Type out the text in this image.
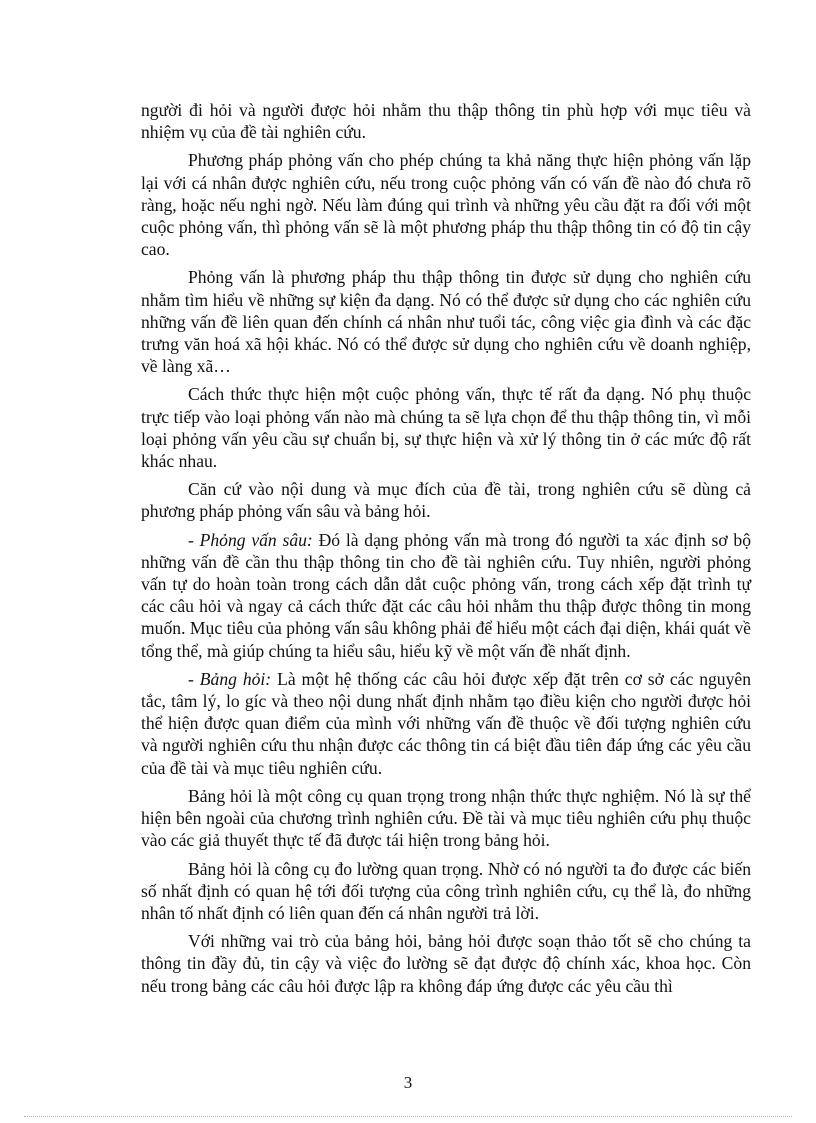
người đi hỏi và người được hỏi nhằm thu thập thông tin phù hợp với mục tiêu và nhiệm vụ của đề tài nghiên cứu.

Phương pháp phỏng vấn cho phép chúng ta khả năng thực hiện phỏng vấn lặp lại với cá nhân được nghiên cứu, nếu trong cuộc phỏng vấn có vấn đề nào đó chưa rõ ràng, hoặc nếu nghi ngờ. Nếu làm đúng qui trình và những yêu cầu đặt ra đối với một cuộc phỏng vấn, thì phỏng vấn sẽ là một phương pháp thu thập thông tin có độ tin cậy cao.

Phỏng vấn là phương pháp thu thập thông tin được sử dụng cho nghiên cứu nhằm tìm hiểu về những sự kiện đa dạng. Nó có thể được sử dụng cho các nghiên cứu những vấn đề liên quan đến chính cá nhân như tuổi tác, công việc gia đình và các đặc trưng văn hoá xã hội khác. Nó có thể được sử dụng cho nghiên cứu về doanh nghiệp, về làng xã…

Cách thức thực hiện một cuộc phỏng vấn, thực tế rất đa dạng. Nó phụ thuộc trực tiếp vào loại phỏng vấn nào mà chúng ta sẽ lựa chọn để thu thập thông tin, vì mỗi loại phỏng vấn yêu cầu sự chuẩn bị, sự thực hiện và xử lý thông tin ở các mức độ rất khác nhau.

Căn cứ vào nội dung và mục đích của đề tài, trong nghiên cứu sẽ dùng cả phương pháp phỏng vấn sâu và bảng hỏi.

- Phỏng vấn sâu: Đó là dạng phỏng vấn mà trong đó người ta xác định sơ bộ những vấn đề cần thu thập thông tin cho đề tài nghiên cứu. Tuy nhiên, người phỏng vấn tự do hoàn toàn trong cách dẫn dắt cuộc phỏng vấn, trong cách xếp đặt trình tự các câu hỏi và ngay cả cách thức đặt các câu hỏi nhằm thu thập được thông tin mong muốn. Mục tiêu của phỏng vấn sâu không phải để hiểu một cách đại diện, khái quát về tổng thể, mà giúp chúng ta hiểu sâu, hiểu kỹ về một vấn đề nhất định.

- Bảng hỏi: Là một hệ thống các câu hỏi được xếp đặt trên cơ sở các nguyên tắc, tâm lý, lo gíc và theo nội dung nhất định nhằm tạo điều kiện cho người được hỏi thể hiện được quan điểm của mình với những vấn đề thuộc về đối tượng nghiên cứu và người nghiên cứu thu nhận được các thông tin cá biệt đầu tiên đáp ứng các yêu cầu của đề tài và mục tiêu nghiên cứu.

Bảng hỏi là một công cụ quan trọng trong nhận thức thực nghiệm. Nó là sự thể hiện bên ngoài của chương trình nghiên cứu. Đề tài và mục tiêu nghiên cứu phụ thuộc vào các giả thuyết thực tế đã được tái hiện trong bảng hỏi.

Bảng hỏi là công cụ đo lường quan trọng. Nhờ có nó người ta đo được các biến số nhất định có quan hệ tới đối tượng của công trình nghiên cứu, cụ thể là, đo những nhân tố nhất định có liên quan đến cá nhân người trả lời.

Với những vai trò của bảng hỏi, bảng hỏi được soạn thảo tốt sẽ cho chúng ta thông tin đầy đủ, tin cậy và việc đo lường sẽ đạt được độ chính xác, khoa học. Còn nếu trong bảng các câu hỏi được lập ra không đáp ứng được các yêu cầu thì

3
